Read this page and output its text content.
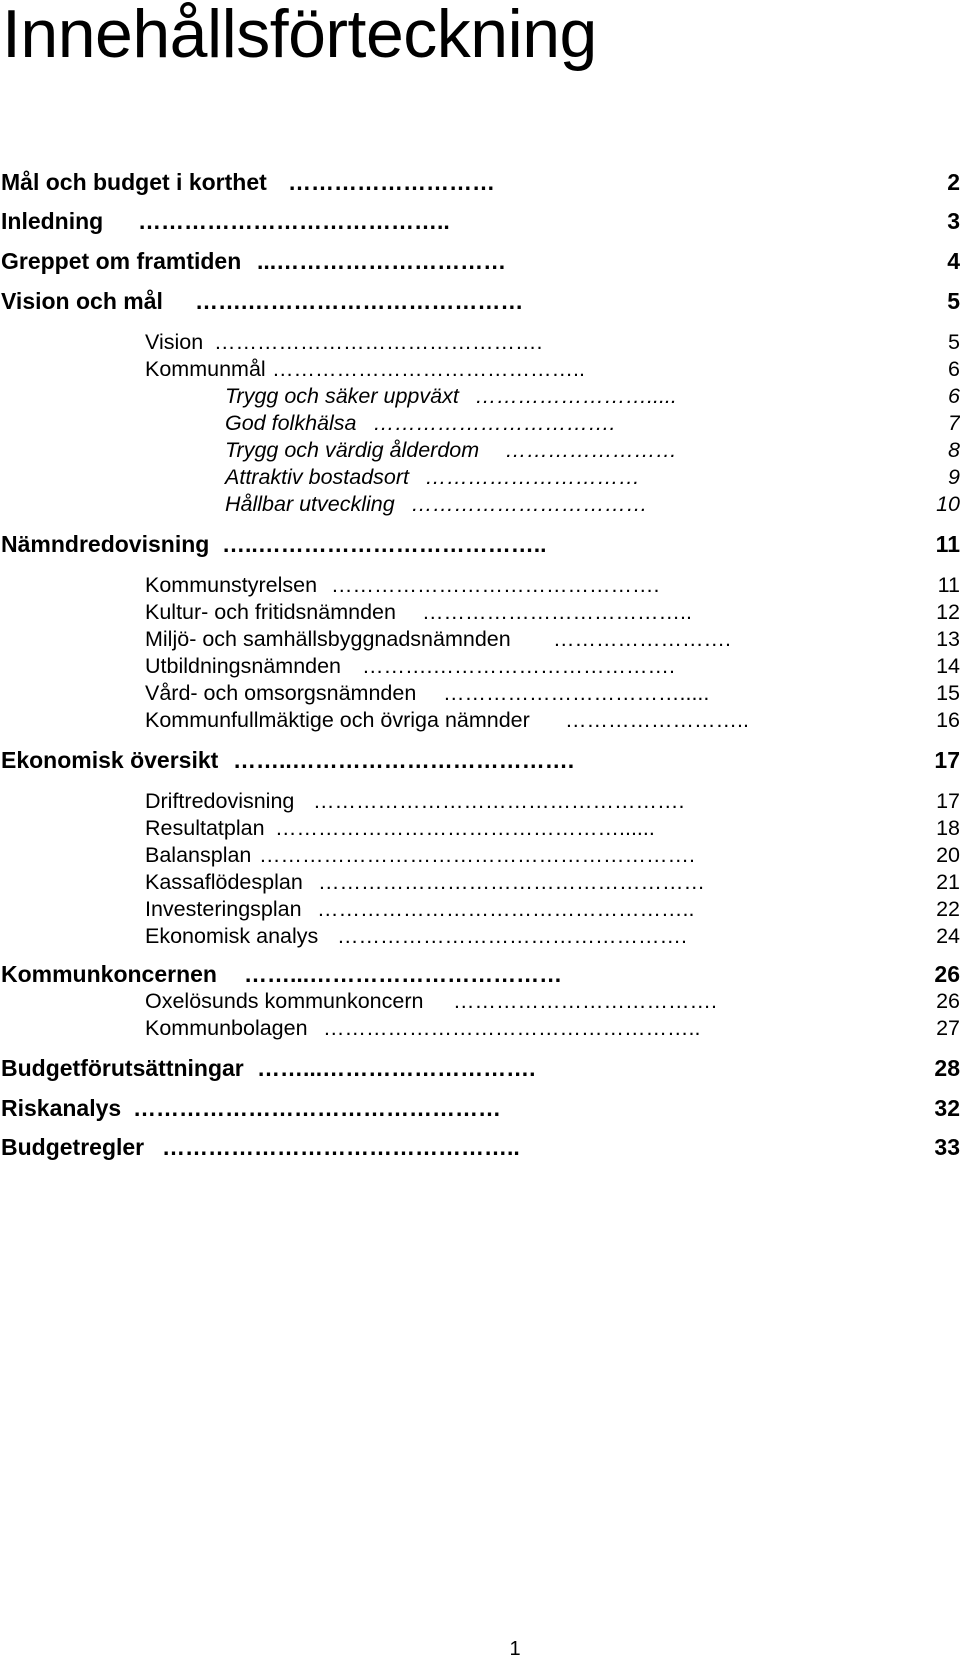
Innehållsförteckning
Mål och budget i korthet ………………………	2
Inledning …………………………………..	3
Greppet om framtiden ...…………………………	4
Vision och mål …….………………………………	5
Vision ……………………………………….	5
Kommunmål ……………………………………..	6
Trygg och säker uppväxt …………………….....	6
God folkhälsa …………………………….	7
Trygg och värdig ålderdom ……………………	8
Attraktiv bostadsort …………………………	9
Hållbar utveckling ……………………………	10
Nämndredovisning …..………………………………..	11
Kommunstyrelsen ……………………………………….	11
Kultur- och fritidsnämnden ………………………………..	12
Miljö- och samhällsbyggnadsnämnden …………………….	13
Utbildningsnämnden ……….…………………………….	14
Vård- och omsorgsnämnden …………………………….....	15
Kommunfullmäktige och övriga nämnder ……………………..	16
Ekonomisk översikt ……..……………………………….	17
Driftredovisning …………………………………………….	17
Resultatplan …………………………………………......	18
Balansplan …………………………………………………….	20
Kassaflödesplan ………………………………………………	21
Investeringsplan ……………………………………………..	22
Ekonomisk analys ………………………………………….	24
Kommunkoncernen ……...……………………………	26
Oxelösunds kommunkoncern ……………………………….	26
Kommunbolagen ……………………………………………..	27
Budgetförutsättningar ……...……………………….	28
Riskanalys …………………………………………	32
Budgetregler ………………………………………..	33
1
